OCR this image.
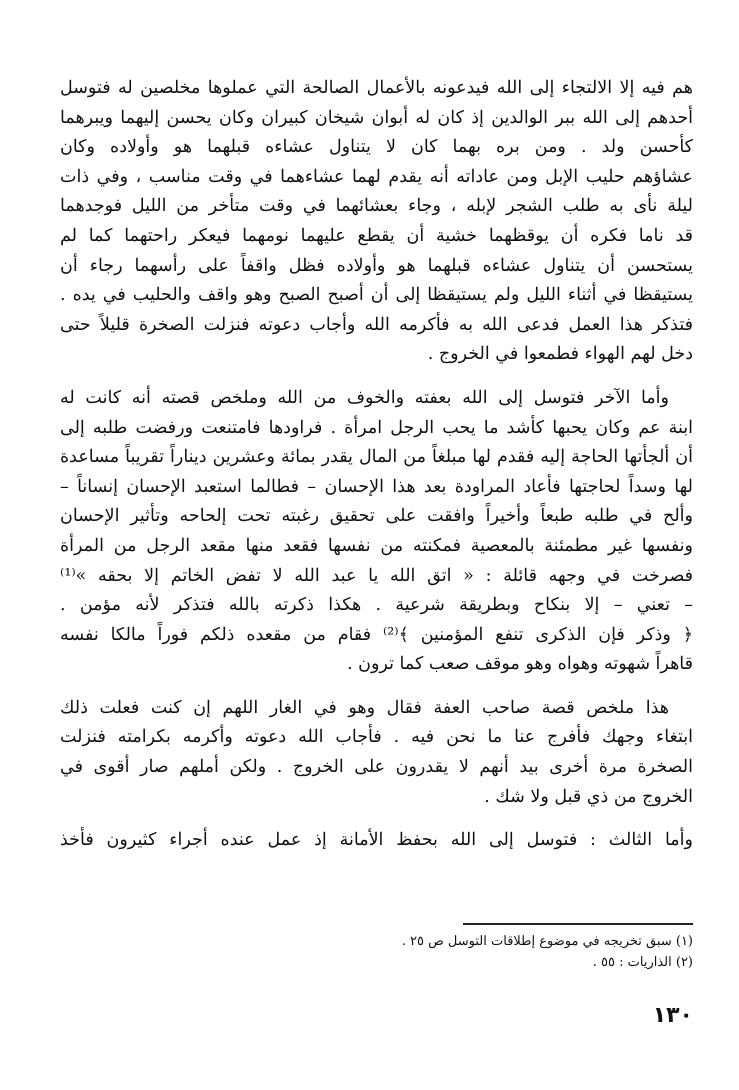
هم فيه إلا الالتجاء إلى الله فيدعونه بالأعمال الصالحة التي عملوها مخلصين له فتوسل
أحدهم إلى الله ببر الوالدين إذ كان له أبوان شيخان كبيران وكان يحسن إليهما ويبرهما
كأحسن ولد . ومن بره بهما كان لا يتناول عشاءه قبلهما هو وأولاده وكان
عشاؤهم حليب الإبل ومن عاداته أنه يقدم لهما عشاءهما في وقت مناسب ، وفي ذات
ليلة نأى به طلب الشجر لإبله ، وجاء بعشائهما في وقت متأخر من الليل فوجدهما
قد ناما فكره أن يوقظهما خشية أن يقطع عليهما نومهما فيعكر راحتهما كما لم
يستحسن أن يتناول عشاءه قبلهما هو وأولاده فظل واقفاً على رأسهما رجاء أن
يستيقظا في أثناء الليل ولم يستيقظا إلى أن أصبح الصبح وهو واقف والحليب في يده .
فتذكر هذا العمل فدعى الله به فأكرمه الله وأجاب دعوته فنزلت الصخرة قليلاً حتى
دخل لهم الهواء فطمعوا في الخروج .
وأما الآخر فتوسل إلى الله بعفته والخوف من الله وملخص قصته أنه كانت له
ابنة عم وكان يحبها كأشد ما يحب الرجل امرأة . فراودها فامتنعت ورفضت طلبه إلى
أن ألجأتها الحاجة إليه فقدم لها مبلغاً من المال يقدر بمائة وعشرين ديناراً تقريباً مساعدة
لها وسداً لحاجتها فأعاد المراودة بعد هذا الإحسان – فطالما استعبد الإحسان إنساناً –
وألح في طلبه طبعاً وأخيراً وافقت على تحقيق رغبته تحت إلحاحه وتأثير الإحسان
ونفسها غير مطمئنة بالمعصية فمكنته من نفسها فقعد منها مقعد الرجل من المرأة
فصرخت في وجهه قائلة : « اتق الله يا عبد الله لا تفض الخاتم إلا بحقه »⁽¹⁾
– تعني – إلا بنكاح وبطريقة شرعية . هكذا ذكرته بالله فتذكر لأنه مؤمن .
﴿ وذكر فإن الذكرى تنفع المؤمنين ﴾⁽²⁾ فقام من مقعده ذلكم فوراً مالكا نفسه
قاهراً شهوته وهواه وهو موقف صعب كما ترون .
هذا ملخص قصة صاحب العفة فقال وهو في الغار اللهم إن كنت فعلت ذلك
ابتغاء وجهك فأفرج عنا ما نحن فيه . فأجاب الله دعوته وأكرمه بكرامته فنزلت
الصخرة مرة أخرى بيد أنهم لا يقدرون على الخروج . ولكن أملهم صار أقوى في
الخروج من ذي قبل ولا شك .
وأما الثالث : فتوسل إلى الله بحفظ الأمانة إذ عمل عنده أجراء كثيرون فأخذ
(١) سبق تخريجه في موضوع إطلاقات التوسل ص ٢٥ .
(٢) الذاريات : ٥٥ .
١٣٠
